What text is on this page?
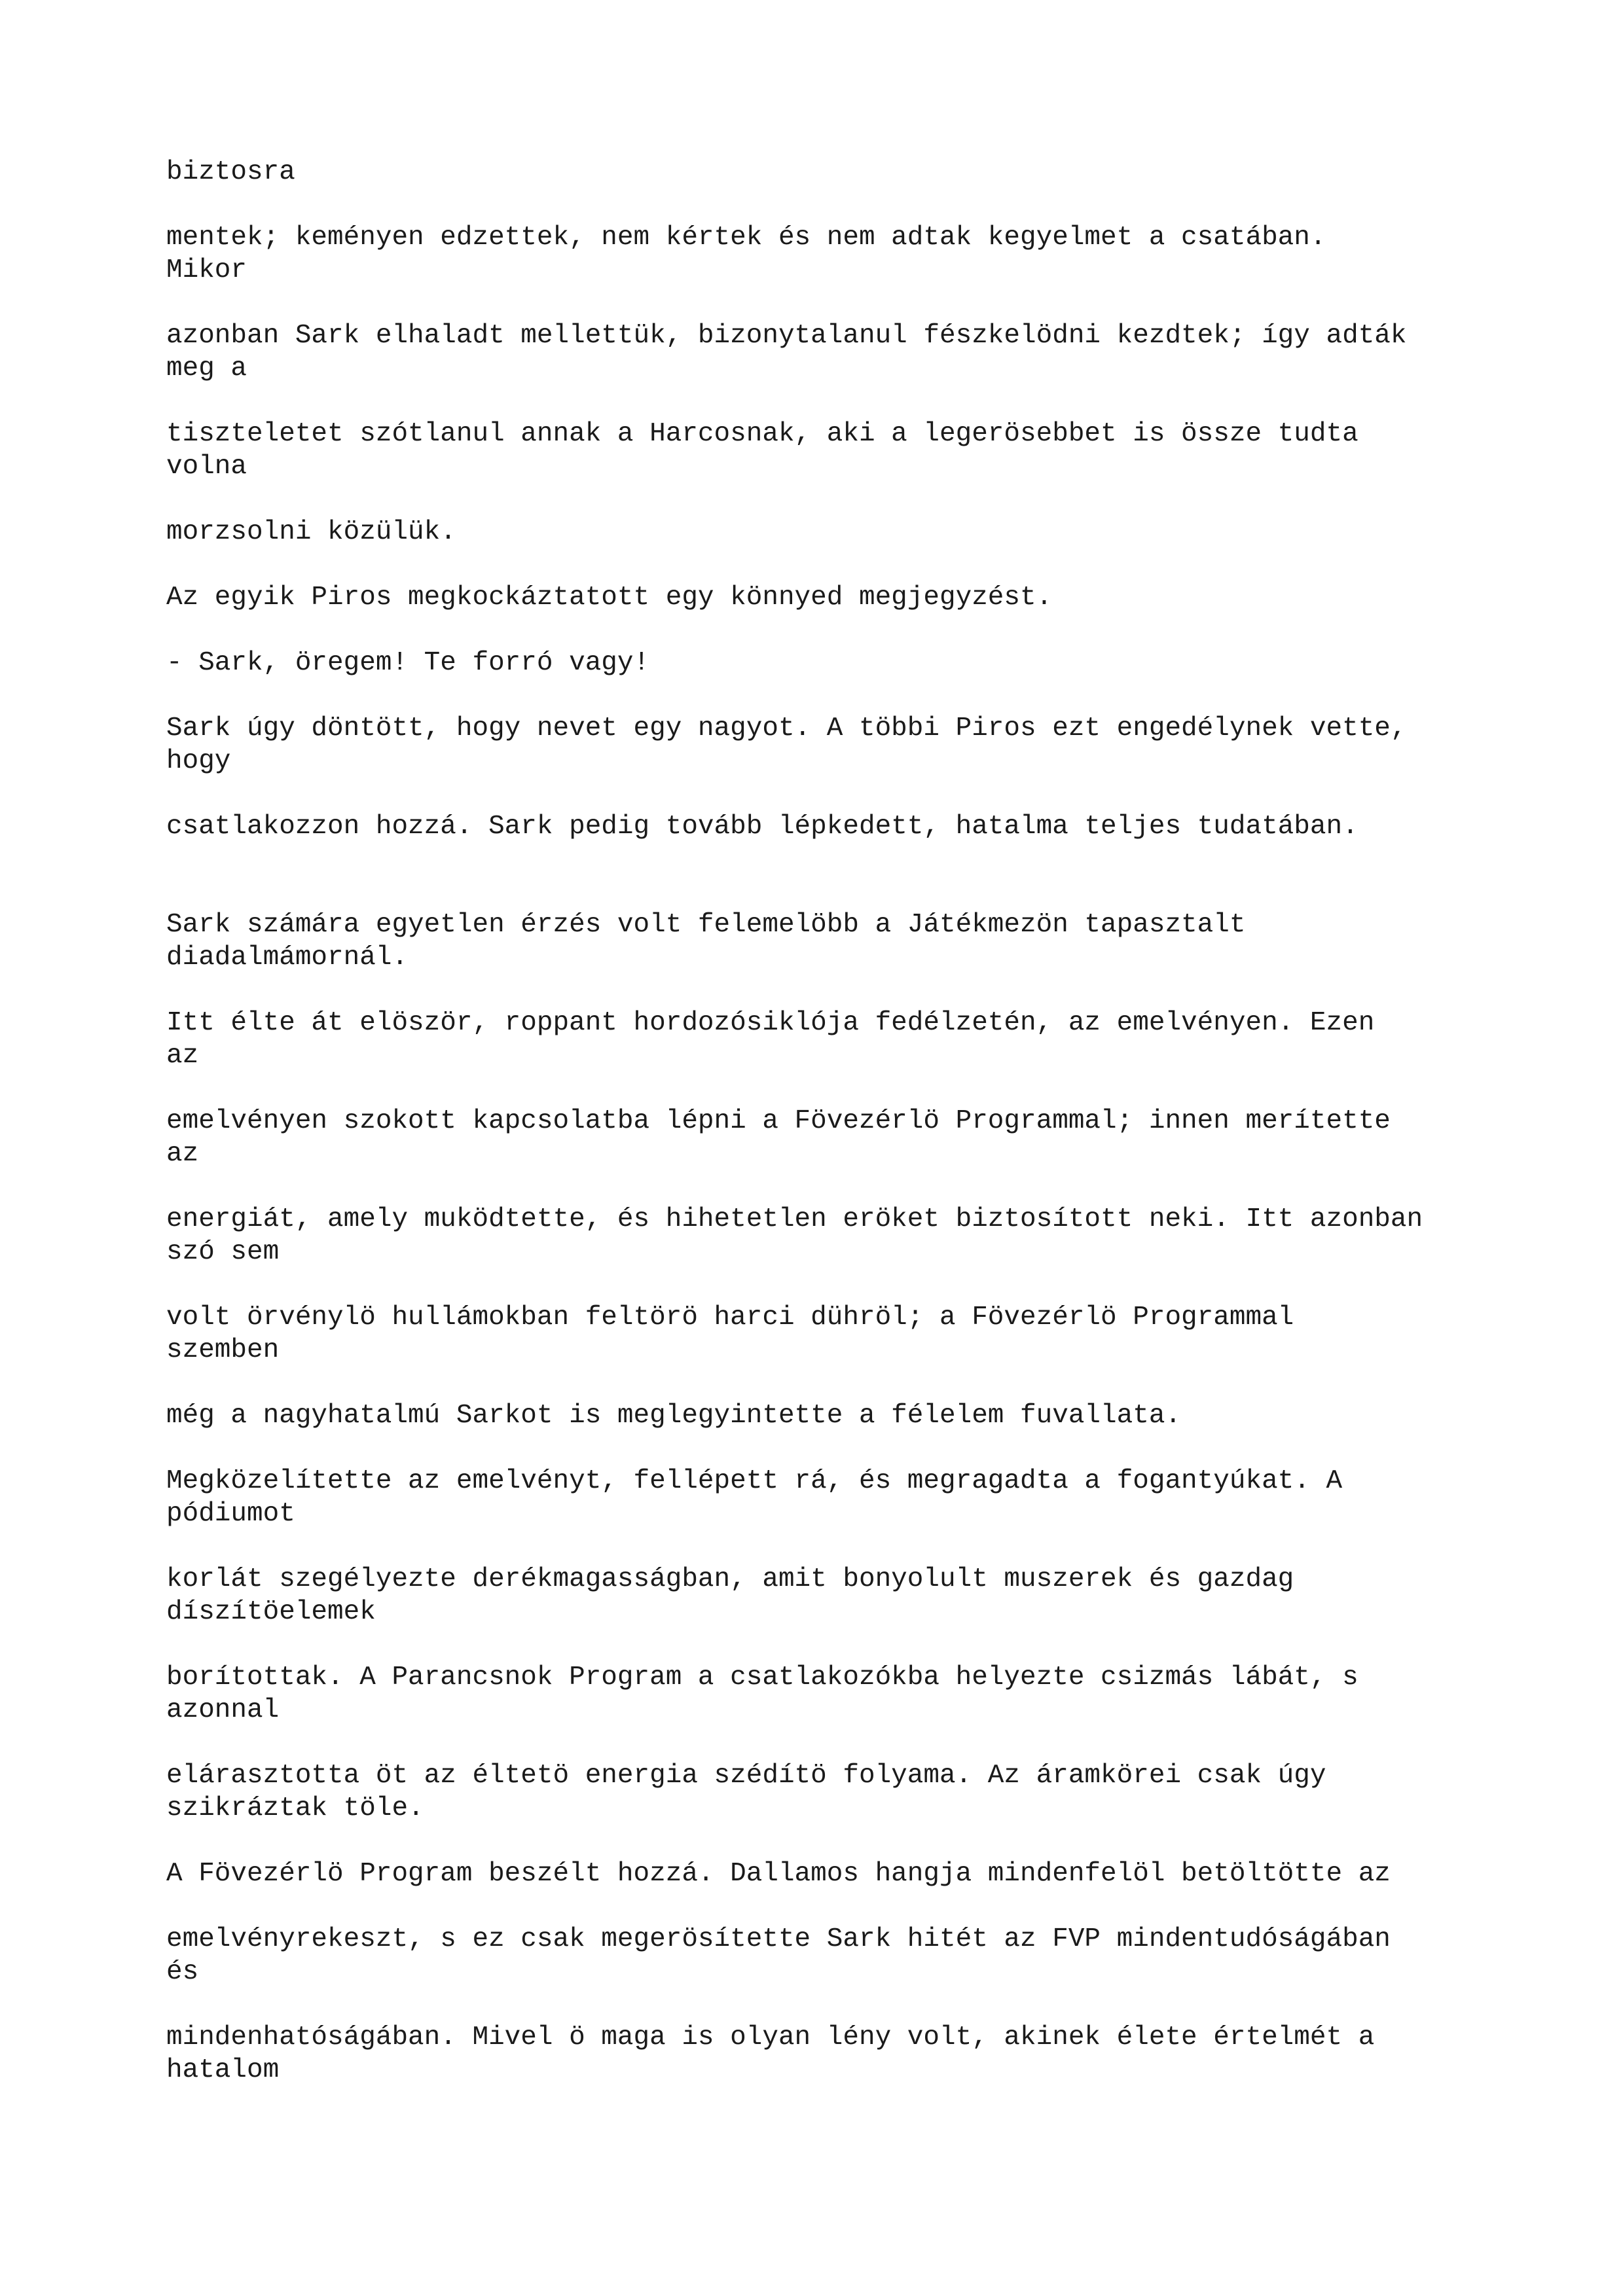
biztosra

mentek; keményen edzettek, nem kértek és nem adtak kegyelmet a csatában.

Mikor

azonban Sark elhaladt mellettük, bizonytalanul fészkelödni kezdtek; így adták

meg a

tiszteletet szótlanul annak a Harcosnak, aki a legerösebbet is össze tudta

volna

morzsolni közülük.

Az egyik Piros megkockáztatott egy könnyed megjegyzést.

- Sark, öregem! Te forró vagy!

Sark úgy döntött, hogy nevet egy nagyot. A többi Piros ezt engedélynek vette,

hogy

csatlakozzon hozzá. Sark pedig tovább lépkedett, hatalma teljes tudatában.

Sark számára egyetlen érzés volt felemelöbb a Játékmezön tapasztalt

diadalmámornál.

Itt élte át elöször, roppant hordozósiklója fedélzetén, az emelvényen. Ezen

az

emelvényen szokott kapcsolatba lépni a Fövezérlö Programmal; innen merítette

az

energiát, amely muködtette, és hihetetlen eröket biztosított neki. Itt azonban

szó sem

volt örvénylö hullámokban feltörö harci dühröl; a Fövezérlö Programmal

szemben

még a nagyhatalmú Sarkot is meglegyintette a félelem fuvallata.

Megközelítette az emelvényt, fellépett rá, és megragadta a fogantyúkat. A

pódiumot

korlát szegélyezte derékmagasságban, amit bonyolult muszerek és gazdag

díszítöelemek

borítottak. A Parancsnok Program a csatlakozókba helyezte csizmás lábát, s

azonnal

elárasztotta öt az éltetö energia szédítö folyama. Az áramkörei csak úgy

szikráztak töle.

A Fövezérlö Program beszélt hozzá. Dallamos hangja mindenfelöl betöltötte az

emelvényrekeszt, s ez csak megerösítette Sark hitét az FVP mindentudóságában

és

mindenhatóságában. Mivel ö maga is olyan lény volt, akinek élete értelmét a

hatalom
